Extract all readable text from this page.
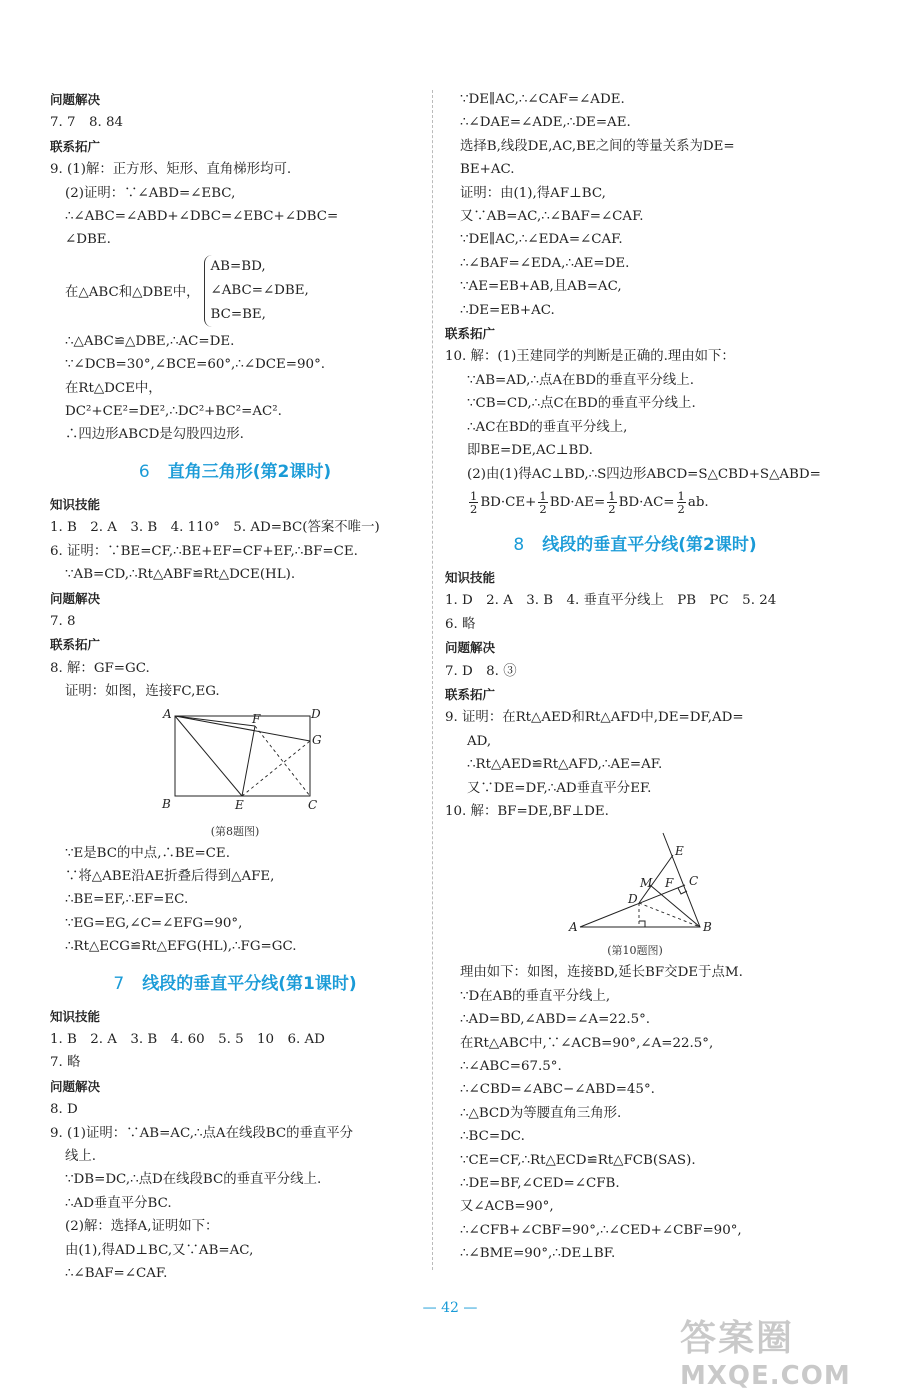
问题解决
7. 7　8. 84
联系拓广
9. (1)解：正方形、矩形、直角梯形均可.
(2)证明：∵∠ABD=∠EBC,
∴∠ABC=∠ABD+∠DBC=∠EBC+∠DBC=
∠DBE.
在△ABC和△DBE中，
AB=BD,
∠ABC=∠DBE,
BC=BE,
∴△ABC≌△DBE,∴AC=DE.
∵∠DCB=30°,∠BCE=60°,∴∠DCE=90°.
在Rt△DCE中，
DC²+CE²=DE²,∴DC²+BC²=AC².
∴四边形ABCD是勾股四边形.
6 直角三角形(第2课时)
知识技能
1. B　2. A　3. B　4. 110°　5. AD=BC(答案不唯一)
6. 证明：∵BE=CF,∴BE+EF=CF+EF,∴BF=CE.
∵AB=CD,∴Rt△ABF≌Rt△DCE(HL).
问题解决
7. 8
联系拓广
8. 解：GF=GC.
证明：如图，连接FC,EG.
A
B	C
D
E
F
G
(第8题图)
∵E是BC的中点,∴BE=CE.
∵将△ABE沿AE折叠后得到△AFE,
∴BE=EF,∴EF=EC.
∵EG=EG,∠C=∠EFG=90°,
∴Rt△ECG≌Rt△EFG(HL),∴FG=GC.
7 线段的垂直平分线(第1课时)
知识技能
1. B　2. A　3. B　4. 60　5. 5　10　6. AD
7. 略
问题解决
8. D
9. (1)证明：∵AB=AC,∴点A在线段BC的垂直平分
线上.
∵DB=DC,∴点D在线段BC的垂直平分线上.
∴AD垂直平分BC.
(2)解：选择A,证明如下：
由(1),得AD⊥BC,又∵AB=AC,
∴∠BAF=∠CAF.
∵DE∥AC,∴∠CAF=∠ADE.
∴∠DAE=∠ADE,∴DE=AE.
选择B,线段DE,AC,BE之间的等量关系为DE=
BE+AC.
证明：由(1),得AF⊥BC,
又∵AB=AC,∴∠BAF=∠CAF.
∵DE∥AC,∴∠EDA=∠CAF.
∴∠BAF=∠EDA,∴AE=DE.
∵AE=EB+AB,且AB=AC,
∴DE=EB+AC.
联系拓广
10. 解：(1)王建同学的判断是正确的.理由如下：
∵AB=AD,∴点A在BD的垂直平分线上.
∵CB=CD,∴点C在BD的垂直平分线上.
∴AC在BD的垂直平分线上,
即BE=DE,AC⊥BD.
(2)由(1)得AC⊥BD,∴S四边形ABCD=S△CBD+S△ABD=
$\frac{1}{2} BD\cdot CE+ \frac{1}{2} BD\cdot AE= \frac{1}{2} BD\cdot AC= \frac{1}{2}$ ab.
8 线段的垂直平分线(第2课时)
知识技能
1. D　2. A　3. B　4. 垂直平分线上　PB　PC　5. 24
6. 略
问题解决
7. D　8. ③
联系拓广
9. 证明：在Rt△AED和Rt△AFD中,DE=DF,AD=
AD,
∴Rt△AED≌Rt△AFD,∴AE=AF.
又∵DE=DF,∴AD垂直平分EF.
10. 解：BF=DE,BF⊥DE.
A	B
C
D
E
F
M
(第10题图)
理由如下：如图，连接BD,延长BF交DE于点M.
∵D在AB的垂直平分线上,
∴AD=BD,∠ABD=∠A=22.5°.
在Rt△ABC中,∵∠ACB=90°,∠A=22.5°,
∴∠ABC=67.5°.
∴∠CBD=∠ABC−∠ABD=45°.
∴△BCD为等腰直角三角形.
∴BC=DC.
∵CE=CF,∴Rt△ECD≌Rt△FCB(SAS).
∴DE=BF,∠CED=∠CFB.
又∠ACB=90°,
∴∠CFB+∠CBF=90°,∴∠CED+∠CBF=90°,
∴∠BME=90°,∴DE⊥BF.
— 42 —
答案圈
MXQE.COM
